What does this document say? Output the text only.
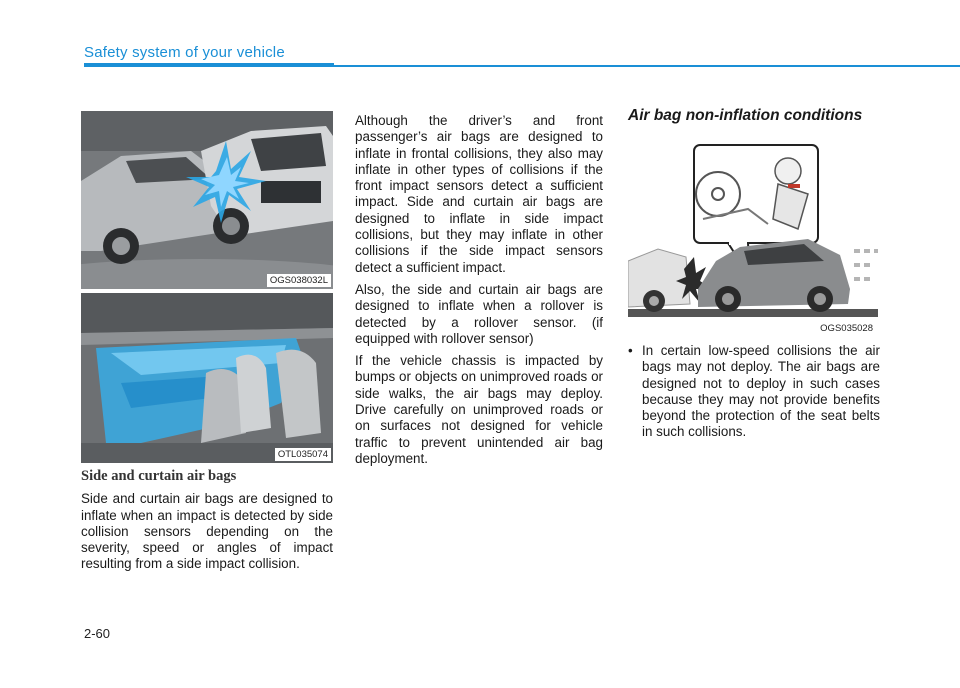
Safety system of your vehicle
OGS038032L
OTL035074
Side and curtain air bags

Side and curtain air bags are designed to inflate when an impact is detected by side collision sensors depending on the severity, speed or angles of impact resulting from a side impact collision.

Although the driver’s and front passenger’s air bags are designed to inflate in frontal collisions, they also may inflate in other types of collisions if the front impact sensors detect a sufficient impact. Side and curtain air bags are designed to inflate in side impact collisions, but they may inflate in other collisions if the side impact sensors detect a sufficient impact.

Also, the side and curtain air bags are designed to inflate when a rollover is detected by a rollover sensor. (if equipped with rollover sensor)

If the vehicle chassis is impacted by bumps or objects on unimproved roads or side walks, the air bags may deploy. Drive carefully on unimproved roads or on surfaces not designed for vehicle traffic to prevent unintended air bag deployment.

Air bag non-inflation conditions
OGS035028
• In certain low-speed collisions the air bags may not deploy. The air bags are designed not to deploy in such cases because they may not provide benefits beyond the protection of the seat belts in such collisions.

2-60
